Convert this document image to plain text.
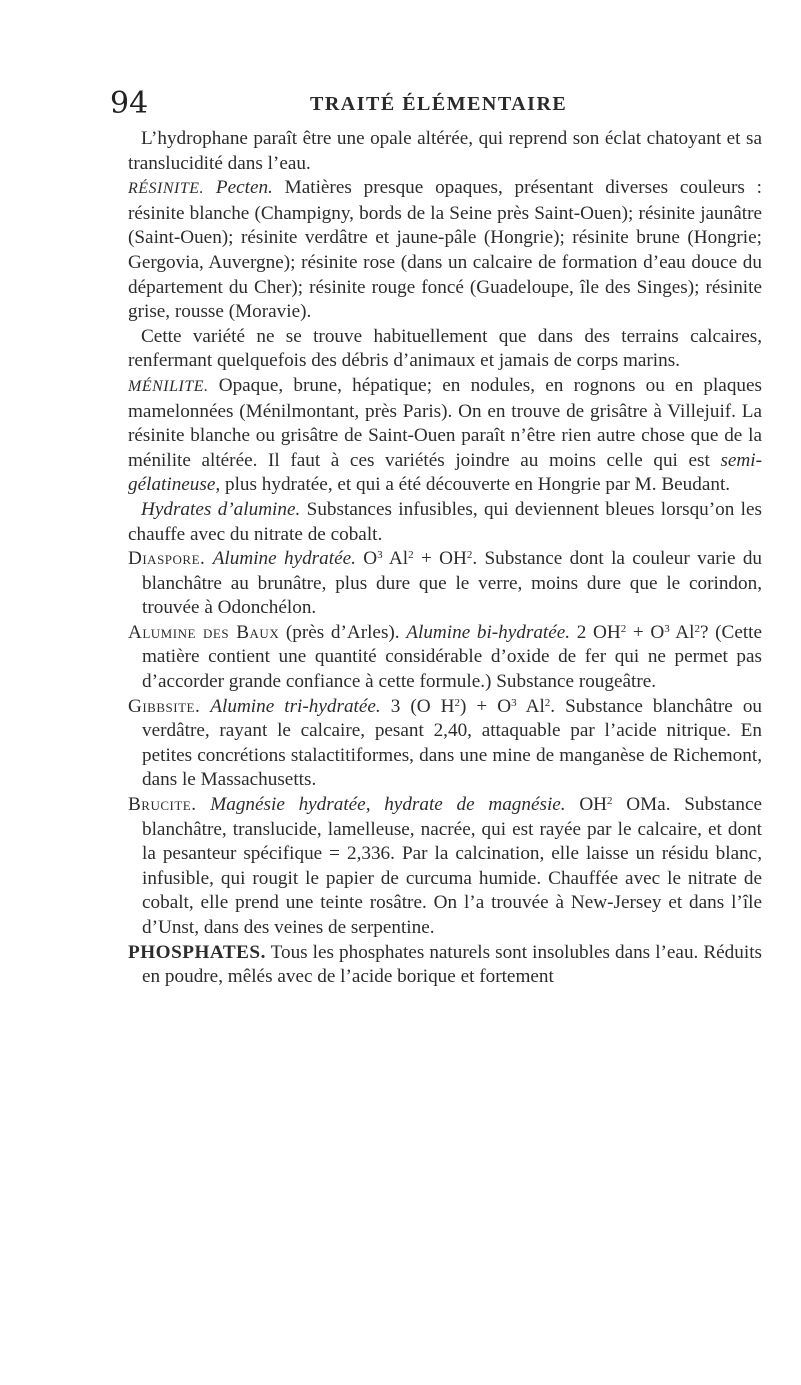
94	TRAITÉ ÉLÉMENTAIRE

L’hydrophane paraît être une opale altérée, qui reprend son éclat chatoyant et sa translucidité dans l’eau.

RÉSINITE. Pecten. Matières presque opaques, présentant diverses couleurs : résinite blanche (Champigny, bords de la Seine près Saint-Ouen); résinite jaunâtre (Saint-Ouen); résinite verdâtre et jaune-pâle (Hongrie); résinite brune (Hongrie; Gergovia, Auvergne); résinite rose (dans un calcaire de formation d’eau douce du département du Cher); résinite rouge foncé (Guadeloupe, île des Singes); résinite grise, rousse (Moravie).

Cette variété ne se trouve habituellement que dans des terrains calcaires, renfermant quelquefois des débris d’animaux et jamais de corps marins.

MÉNILITE. Opaque, brune, hépatique; en nodules, en rognons ou en plaques mamelonnées (Ménilmontant, près Paris). On en trouve de grisâtre à Villejuif. La résinite blanche ou grisâtre de Saint-Ouen paraît n’être rien autre chose que de la ménilite altérée. Il faut à ces variétés joindre au moins celle qui est semi-gélatineuse, plus hydratée, et qui a été découverte en Hongrie par M. Beudant.

Hydrates d’alumine. Substances infusibles, qui deviennent bleues lorsqu’on les chauffe avec du nitrate de cobalt.

Diaspore. Alumine hydratée. $O^3$ $Al^2 + OH^2$. Substance dont la couleur varie du blanchâtre au brunâtre, plus dure que le verre, moins dure que le corindon, trouvée à Odonchélon.

Alumine des Baux (près d’Arles). Alumine bi-hydratée. 2 $OH^2 + O^3$ Al$^2$? (Cette matière contient une quantité considérable d’oxide de fer qui ne permet pas d’accorder grande confiance à cette formule.) Substance rougeâtre.

Gibbsite. Alumine tri-hydratée. 3 (O $H^2) + O^3$ Al$^2$. Substance blanchâtre ou verdâtre, rayant le calcaire, pesant 2,40, attaquable par l’acide nitrique. En petites concrétions stalactitiformes, dans une mine de manganèse de Richemont, dans le Massachusetts.

Brucite. Magnésie hydratée, hydrate de magnésie. $OH^2$ OMa. Substance blanchâtre, translucide, lamelleuse, nacrée, qui est rayée par le calcaire, et dont la pesanteur spécifique = 2,336. Par la calcination, elle laisse un résidu blanc, infusible, qui rougit le papier de curcuma humide. Chauffée avec le nitrate de cobalt, elle prend une teinte rosâtre. On l’a trouvée à New-Jersey et dans l’île d’Unst, dans des veines de serpentine.

PHOSPHATES. Tous les phosphates naturels sont insolubles dans l’eau. Réduits en poudre, mêlés avec de l’acide borique et fortement
